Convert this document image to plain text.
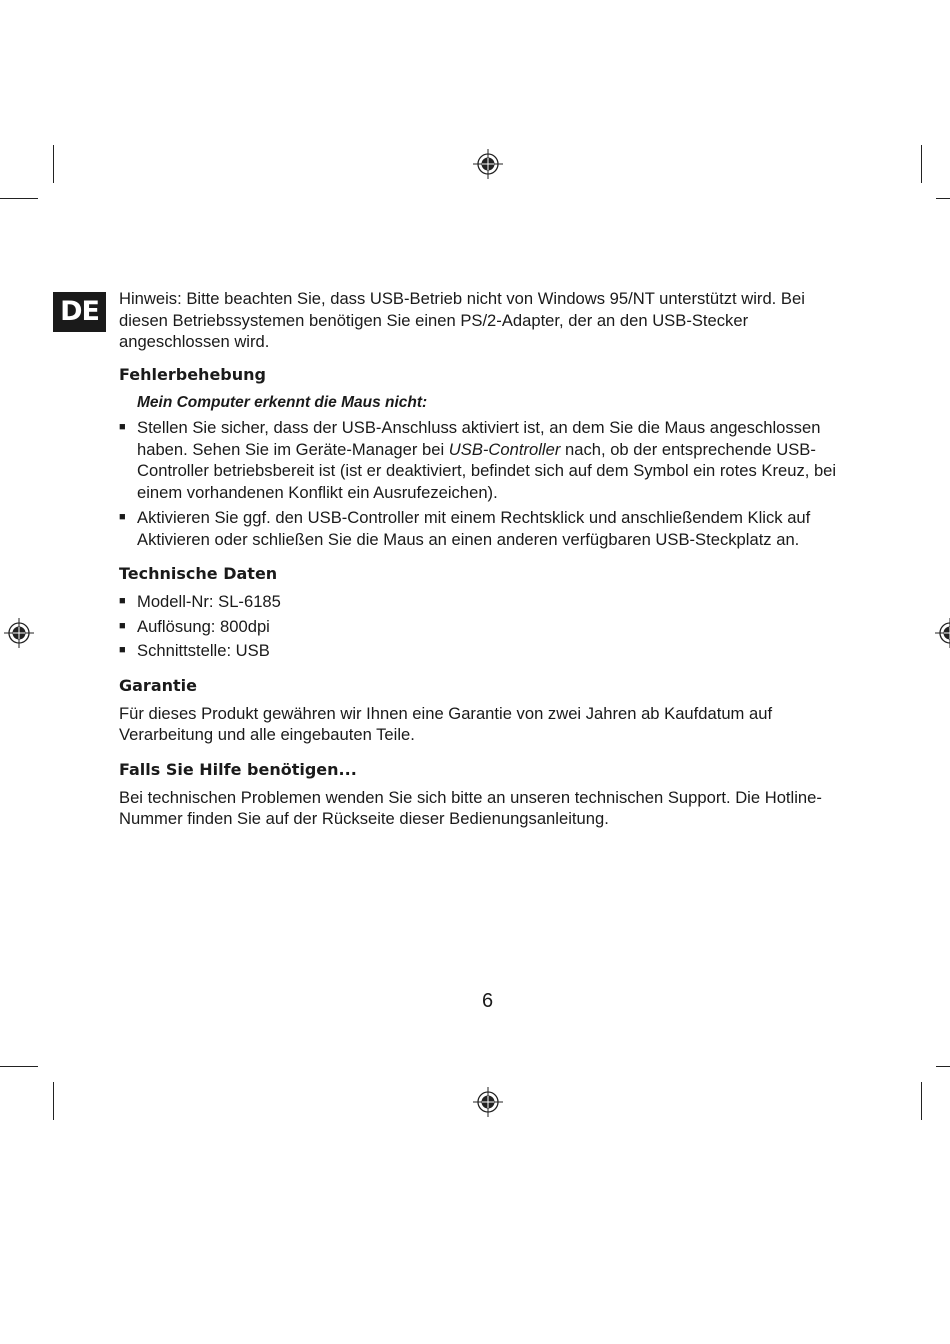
DE	Hinweis: Bitte beachten Sie, dass USB-Betrieb nicht von Windows 95/NT unterstützt wird. Bei diesen Betriebssystemen benötigen Sie einen PS/2-Adapter, der an den USB-Stecker angeschlossen wird.

Fehlerbehebung

Mein Computer erkennt die Maus nicht:

■ Stellen Sie sicher, dass der USB-Anschluss aktiviert ist, an dem Sie die Maus angeschlossen haben. Sehen Sie im Geräte-Manager bei USB-Controller nach, ob der entsprechende USB-Controller betriebsbereit ist (ist er deaktiviert, befindet sich auf dem Symbol ein rotes Kreuz, bei einem vorhandenen Konflikt ein Ausrufezeichen).
■ Aktivieren Sie ggf. den USB-Controller mit einem Rechtsklick und anschließendem Klick auf Aktivieren oder schließen Sie die Maus an einen anderen verfügbaren USB-Steckplatz an.
Technische Daten
■ Modell-Nr: SL-6185
■ Auflösung: 800dpi
■ Schnittstelle: USB
Garantie

Für dieses Produkt gewähren wir Ihnen eine Garantie von zwei Jahren ab Kaufdatum auf Verarbeitung und alle eingebauten Teile.

Falls Sie Hilfe benötigen...

Bei technischen Problemen wenden Sie sich bitte an unseren technischen Support. Die Hotline-Nummer finden Sie auf der Rückseite dieser Bedienungsanleitung.

6
